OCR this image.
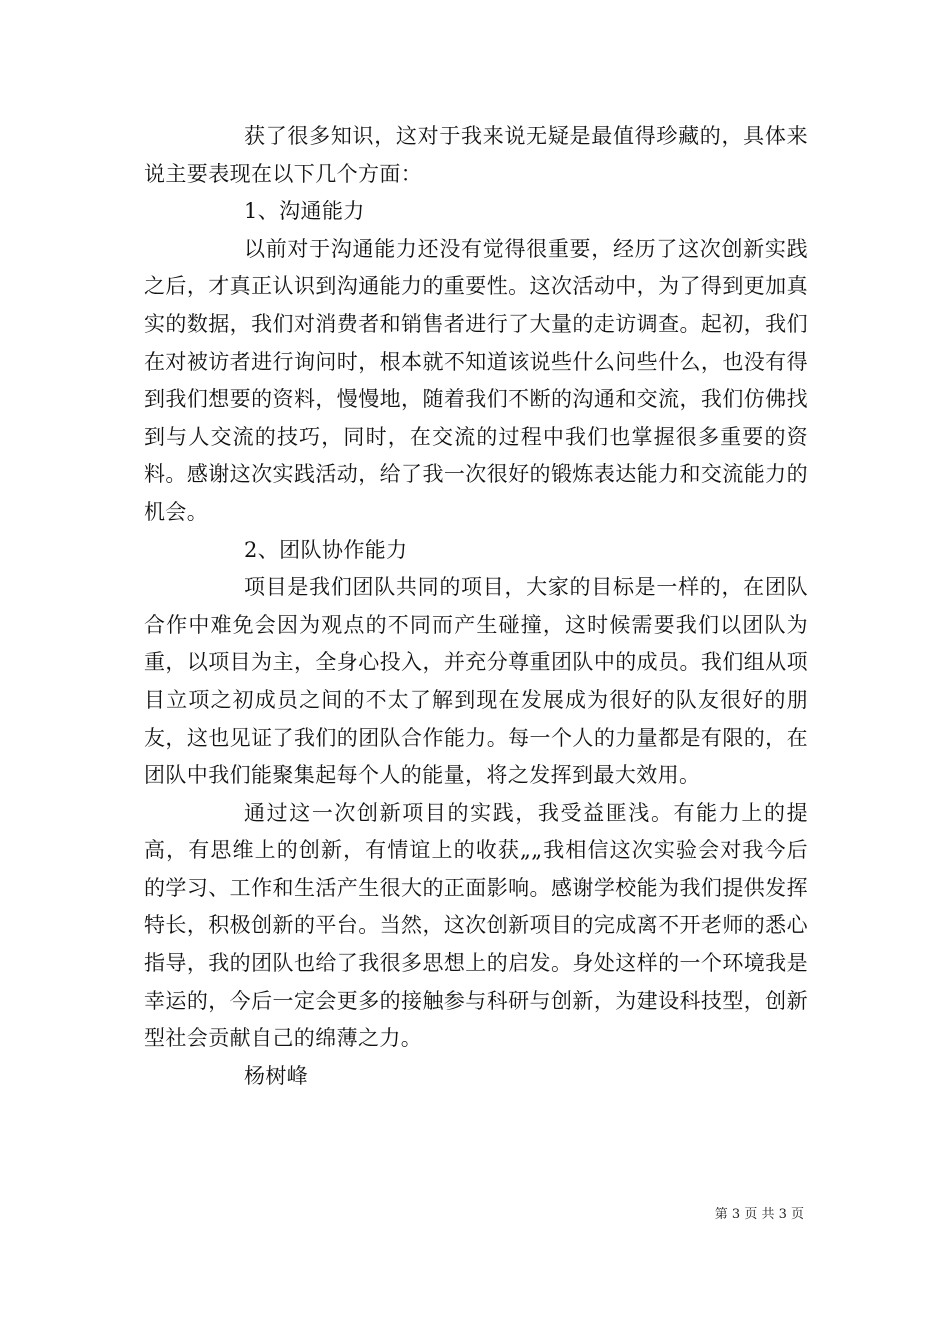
获了很多知识，这对于我来说无疑是最值得珍藏的，具体来说主要表现在以下几个方面：

1、沟通能力

以前对于沟通能力还没有觉得很重要，经历了这次创新实践之后，才真正认识到沟通能力的重要性。这次活动中，为了得到更加真实的数据，我们对消费者和销售者进行了大量的走访调查。起初，我们在对被访者进行询问时，根本就不知道该说些什么问些什么，也没有得到我们想要的资料，慢慢地，随着我们不断的沟通和交流，我们仿佛找到与人交流的技巧，同时，在交流的过程中我们也掌握很多重要的资料。感谢这次实践活动，给了我一次很好的锻炼表达能力和交流能力的机会。

2、团队协作能力

项目是我们团队共同的项目，大家的目标是一样的，在团队合作中难免会因为观点的不同而产生碰撞，这时候需要我们以团队为重，以项目为主，全身心投入，并充分尊重团队中的成员。我们组从项目立项之初成员之间的不太了解到现在发展成为很好的队友很好的朋友，这也见证了我们的团队合作能力。每一个人的力量都是有限的，在团队中我们能聚集起每个人的能量，将之发挥到最大效用。

通过这一次创新项目的实践，我受益匪浅。有能力上的提高，有思维上的创新，有情谊上的收获„„我相信这次实验会对我今后的学习、工作和生活产生很大的正面影响。感谢学校能为我们提供发挥特长，积极创新的平台。当然，这次创新项目的完成离不开老师的悉心指导，我的团队也给了我很多思想上的启发。身处这样的一个环境我是幸运的，今后一定会更多的接触参与科研与创新，为建设科技型，创新型社会贡献自己的绵薄之力。

杨树峰

第 3 页 共 3 页
